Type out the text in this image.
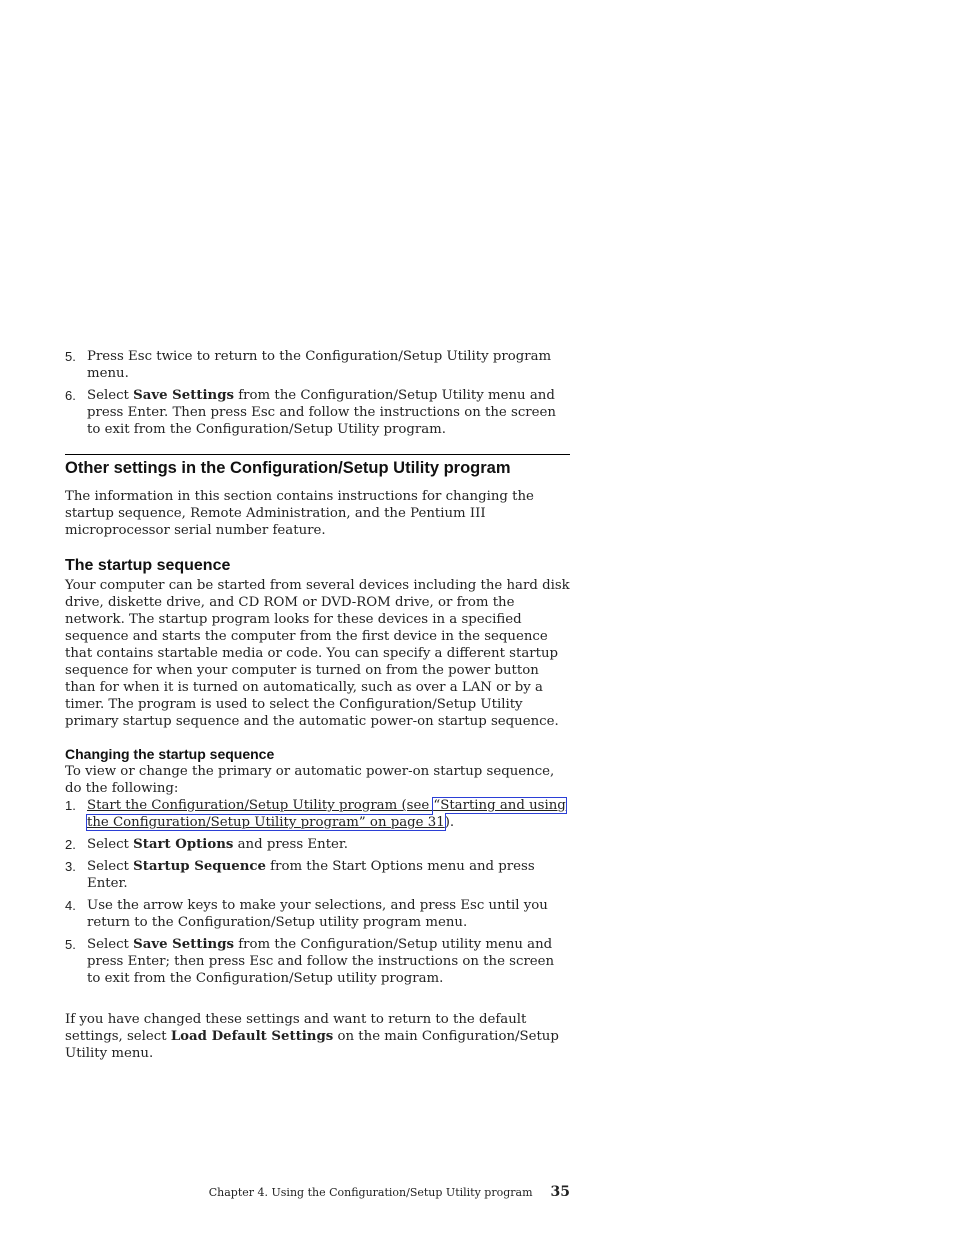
5. Press Esc twice to return to the Configuration/Setup Utility program menu.
6. Select Save Settings from the Configuration/Setup Utility menu and press Enter. Then press Esc and follow the instructions on the screen to exit from the Configuration/Setup Utility program.
Other settings in the Configuration/Setup Utility program

The information in this section contains instructions for changing the startup sequence, Remote Administration, and the Pentium III microprocessor serial number feature.

The startup sequence

Your computer can be started from several devices including the hard disk drive, diskette drive, and CD ROM or DVD-ROM drive, or from the network. The startup program looks for these devices in a specified sequence and starts the computer from the first device in the sequence that contains startable media or code. You can specify a different startup sequence for when your computer is turned on from the power button than for when it is turned on automatically, such as over a LAN or by a timer. The program is used to select the Configuration/Setup Utility primary startup sequence and the automatic power-on startup sequence.

Changing the startup sequence

To view or change the primary or automatic power-on startup sequence, do the following:

1. Start the Configuration/Setup Utility program (see “Starting and using the Configuration/Setup Utility program” on page 31).
2. Select Start Options and press Enter.
3. Select Startup Sequence from the Start Options menu and press Enter.
4. Use the arrow keys to make your selections, and press Esc until you return to the Configuration/Setup utility program menu.
5. Select Save Settings from the Configuration/Setup utility menu and press Enter; then press Esc and follow the instructions on the screen to exit from the Configuration/Setup utility program.

If you have changed these settings and want to return to the default settings, select Load Default Settings on the main Configuration/Setup Utility menu.

Chapter 4. Using the Configuration/Setup Utility program 35
